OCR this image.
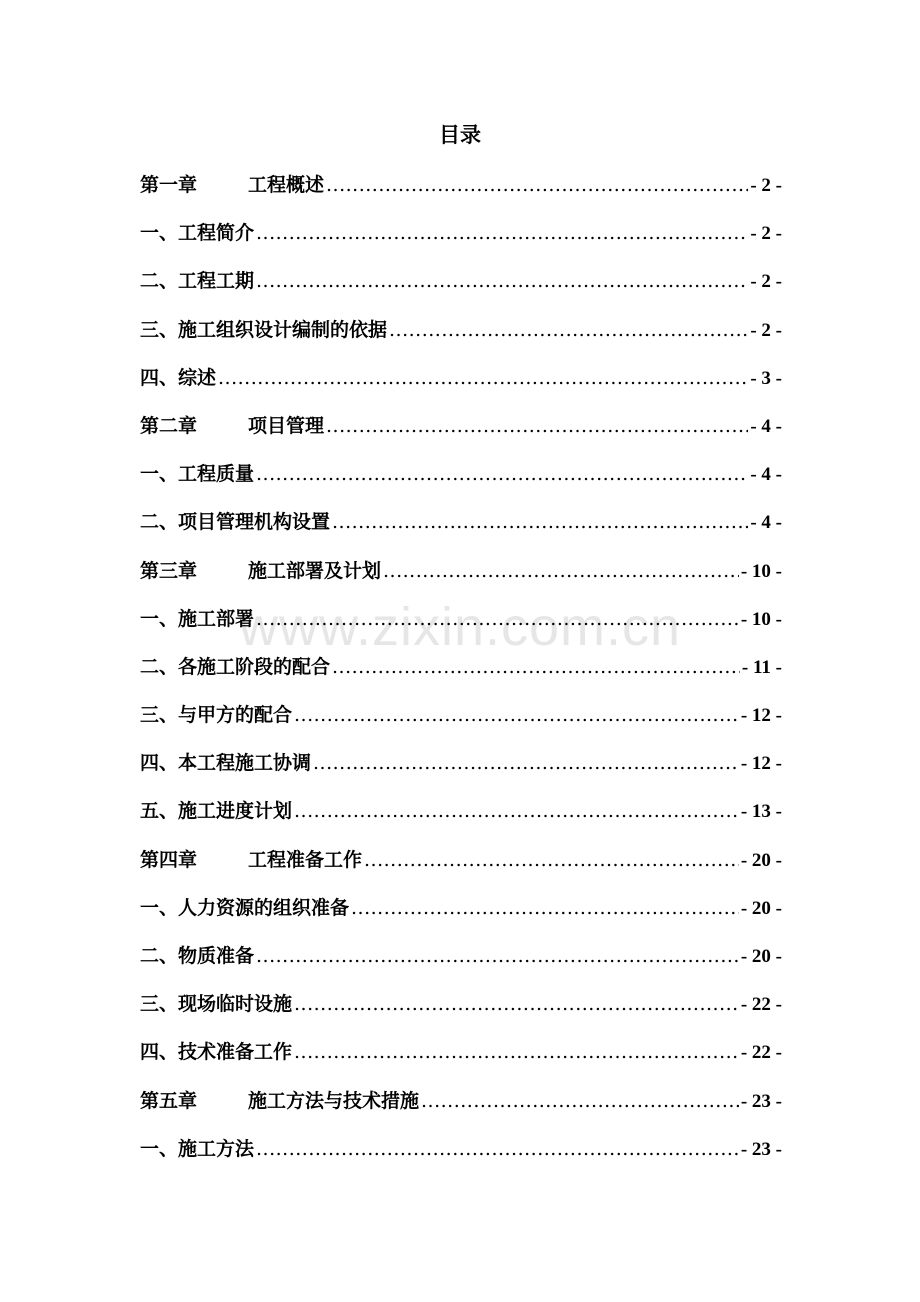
目录
www.zixin.com.cn
第一章	工程概述 .....	- 2 -
一、工程简介 .....	- 2 -
二、工程工期 .....	- 2 -
三、施工组织设计编制的依据 .....	- 2 -
四、综述 .....	- 3 -
第二章	项目管理 .....	- 4 -
一、工程质量 .....	- 4 -
二、项目管理机构设置 .....	- 4 -
第三章	施工部署及计划 .....	- 10 -
一、施工部署 .....	- 10 -
二、各施工阶段的配合 .....	- 11 -
三、与甲方的配合 .....	- 12 -
四、本工程施工协调 .....	- 12 -
五、施工进度计划 .....	- 13 -
第四章	工程准备工作 .....	- 20 -
一、人力资源的组织准备 .....	- 20 -
二、物质准备 .....	- 20 -
三、现场临时设施 .....	- 22 -
四、技术准备工作 .....	- 22 -
第五章	施工方法与技术措施 .....	- 23 -
一、施工方法 .....	- 23 -
